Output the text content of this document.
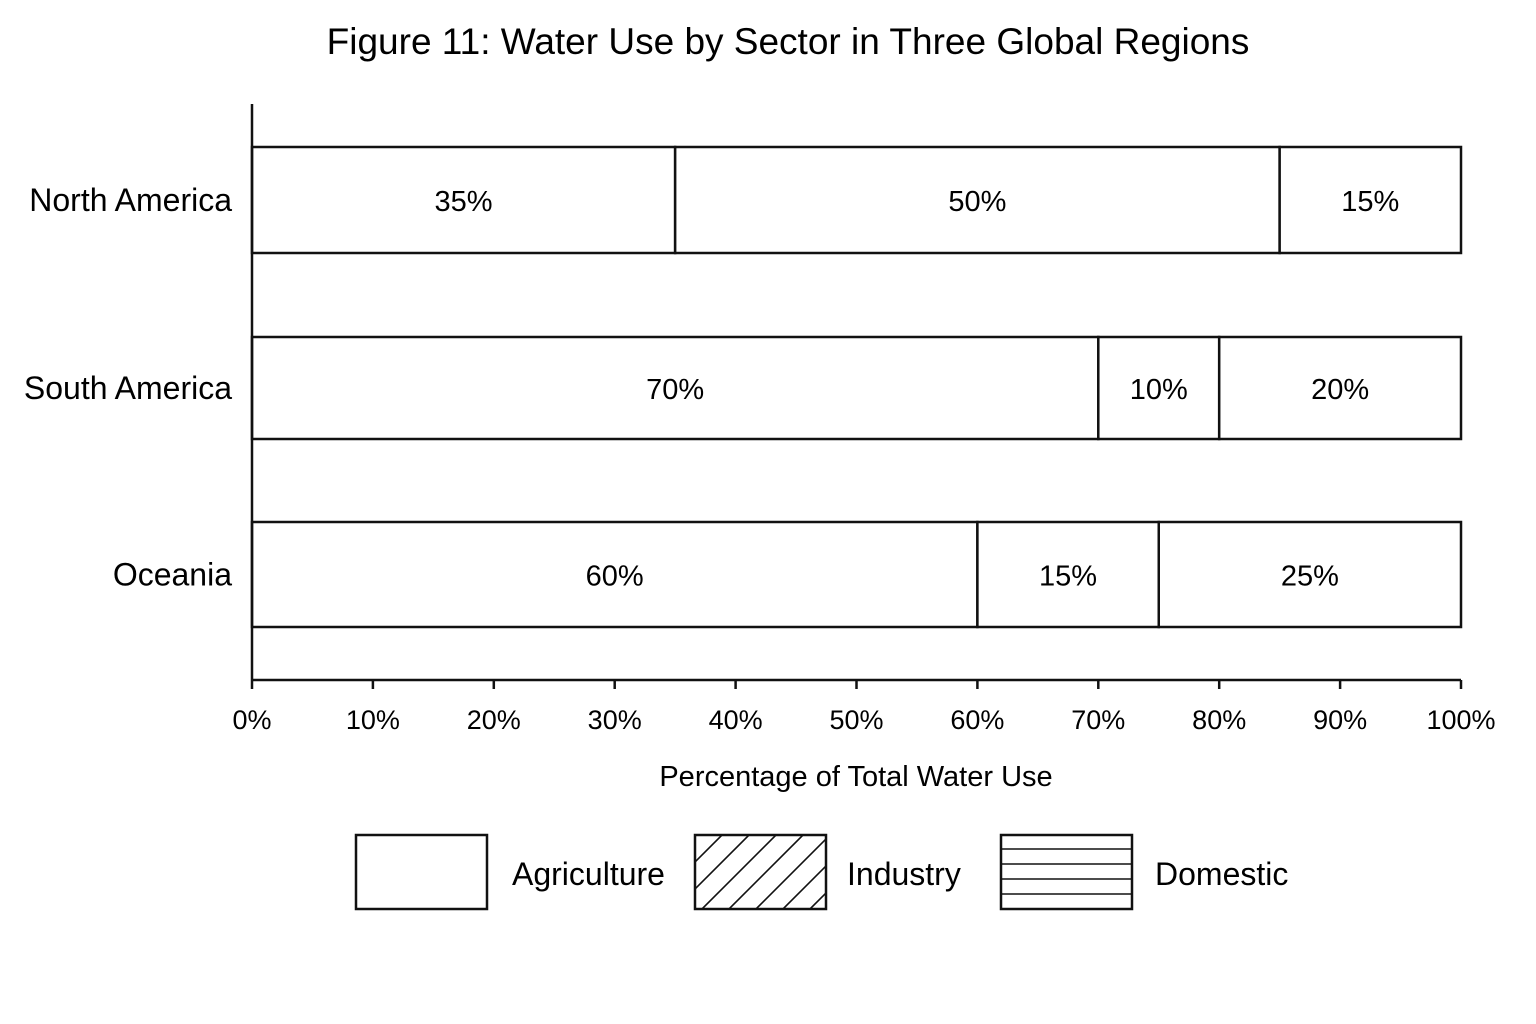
Figure 11: Water Use by Sector in Three Global Regions
North America	35%	50%	15%
South America	70%	10%	20%
Oceania	60%	15%	25%
0%	10% 20% 30% 40% 50% 60% 70% 80% 90% 100%
Percentage of Total Water Use
Agriculture	Industry	Domestic
